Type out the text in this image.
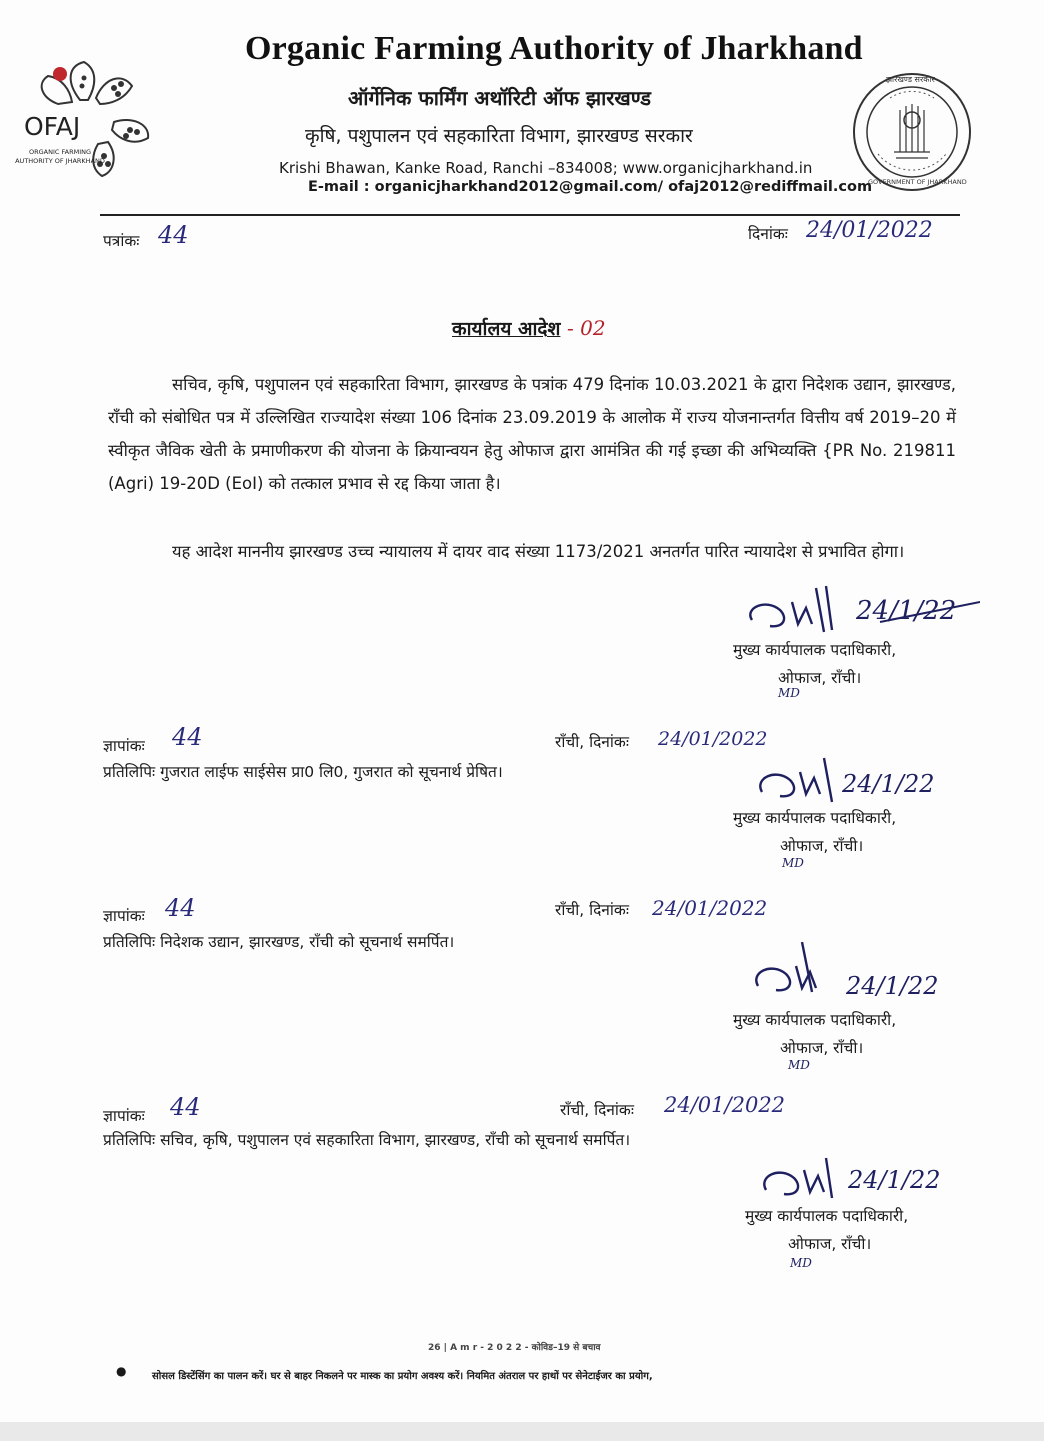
OFAJ
ORGANIC FARMING AUTHORITY OF JHARKHAND
Organic Farming Authority of Jharkhand
ऑर्गेनिक फार्मिंग अथॉरिटी ऑफ झारखण्ड
कृषि, पशुपालन एवं सहकारिता विभाग, झारखण्ड सरकार
Krishi Bhawan, Kanke Road, Ranchi –834008; www.organicjharkhand.in
E-mail : organicjharkhand2012@gmail.com/ ofaj2012@rediffmail.com
झारखण्ड सरकार
GOVERNMENT OF JHARKHAND
पत्रांकः 44	दिनांकः 24/01/2022
कार्यालय आदेश - 02
सचिव, कृषि, पशुपालन एवं सहकारिता विभाग, झारखण्ड के पत्रांक 479 दिनांक 10.03.2021 के द्वारा निदेशक उद्यान, झारखण्ड, राँची को संबोधित पत्र में उल्लिखित राज्यादेश संख्या 106 दिनांक 23.09.2019 के आलोक में राज्य योजनान्तर्गत वित्तीय वर्ष 2019–20 में स्वीकृत जैविक खेती के प्रमाणीकरण की योजना के क्रियान्वयन हेतु ओफाज द्वारा आमंत्रित की गई इच्छा की अभिव्यक्ति {PR No. 219811 (Agri) 19-20D (EoI) को तत्काल प्रभाव से रद्द किया जाता है।
यह आदेश माननीय झारखण्ड उच्च न्यायालय में दायर वाद संख्या 1173/2021 अनतर्गत पारित न्यायादेश से प्रभावित होगा।
24/1/22
मुख्य कार्यपालक पदाधिकारी,
ओफाज, राँची।
MD
ज्ञापांकः 44	राँची, दिनांकः 24/01/2022
प्रतिलिपिः गुजरात लाईफ साईसेस प्रा0 लि0, गुजरात को सूचनार्थ प्रेषित।	24/1/22
मुख्य कार्यपालक पदाधिकारी,
ओफाज, राँची।
MD
ज्ञापांकः 44	राँची, दिनांकः 24/01/2022
प्रतिलिपिः निदेशक उद्यान, झारखण्ड, राँची को सूचनार्थ समर्पित।
24/1/22
मुख्य कार्यपालक पदाधिकारी,
ओफाज, राँची।
MD
ज्ञापांकः 44	राँची, दिनांकः 24/01/2022
प्रतिलिपिः सचिव, कृषि, पशुपालन एवं सहकारिता विभाग, झारखण्ड, राँची को सूचनार्थ समर्पित।
24/1/22
मुख्य कार्यपालक पदाधिकारी,
ओफाज, राँची।
MD
26 | A m r - 2 0 2 2 - कोविड–19 से बचाव
●	सोसल डिस्टेंसिंग का पालन करें। घर से बाहर निकलने पर मास्क का प्रयोग अवश्य करें। नियमित अंतराल पर हाथों पर सेनेटाईजर का प्रयोग,
